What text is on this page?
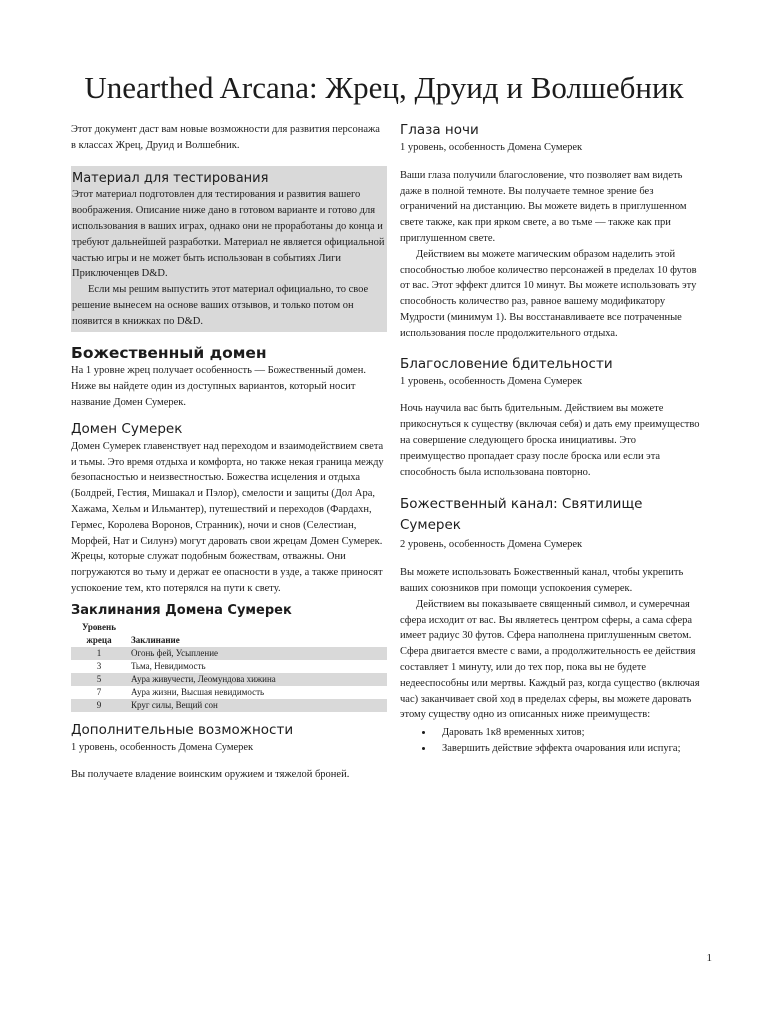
Unearthed Arcana: Жрец, Друид и Волшебник

Этот документ даст вам новые возможности для развития персонажа в классах Жрец, Друид и Волшебник.

Материал для тестирования

Этот материал подготовлен для тестирования и развития вашего воображения. Описание ниже дано в готовом варианте и готово для использования в ваших играх, однако они не проработаны до конца и требуют дальнейшей разработки. Материал не является официальной частью игры и не может быть использован в событиях Лиги Приключенцев D&D.

Если мы решим выпустить этот материал официально, то свое решение вынесем на основе ваших отзывов, и только потом он появится в книжках по D&D.

Божественный домен

На 1 уровне жрец получает особенность — Божественный домен. Ниже вы найдете один из доступных вариантов, который носит название Домен Сумерек.

Домен Сумерек

Домен Сумерек главенствует над переходом и взаимодействием света и тьмы. Это время отдыха и комфорта, но также некая граница между безопасностью и неизвестностью. Божества исцеления и отдыха (Болдрей, Гестия, Мишакал и Пэлор), смелости и защиты (Дол Ара, Хажама, Хельм и Ильмантер), путешествий и переходов (Фардахн, Гермес, Королева Воронов, Странник), ночи и снов (Селестиан, Морфей, Нат и Силунэ) могут даровать свои жрецам Домен Сумерек. Жрецы, которые служат подобным божествам, отважны. Они погружаются во тьму и держат ее опасности в узде, а также приносят успокоение тем, кто потерялся на пути к свету.

Заклинания Домена Сумерек
Уровень жреца	Заклинание
1	Огонь фей, Усыпление
3	Тьма, Невидимость
5	Аура живучести, Леомундова хижина
7	Аура жизни, Высшая невидимость
9	Круг силы, Вещий сон
Дополнительные возможности

1 уровень, особенность Домена Сумерек

Вы получаете владение воинским оружием и тяжелой броней.

Глаза ночи

1 уровень, особенность Домена Сумерек

Ваши глаза получили благословение, что позволяет вам видеть даже в полной темноте. Вы получаете темное зрение без ограничений на дистанцию. Вы можете видеть в приглушенном свете также, как при ярком свете, а во тьме — также как при приглушенном свете.

Действием вы можете магическим образом наделить этой способностью любое количество персонажей в пределах 10 футов от вас. Этот эффект длится 10 минут. Вы можете использовать эту способность количество раз, равное вашему модификатору Мудрости (минимум 1). Вы восстанавливаете все потраченные использования после продолжительного отдыха.

Благословение бдительности

1 уровень, особенность Домена Сумерек

Ночь научила вас быть бдительным. Действием вы можете прикоснуться к существу (включая себя) и дать ему преимущество на совершение следующего броска инициативы. Это преимущество пропадает сразу после броска или если эта способность была использована повторно.

Божественный канал: Святилище Сумерек

2 уровень, особенность Домена Сумерек

Вы можете использовать Божественный канал, чтобы укрепить ваших союзников при помощи успокоения сумерек.

Действием вы показываете священный символ, и сумеречная сфера исходит от вас. Вы являетесь центром сферы, а сама сфера имеет радиус 30 футов. Сфера наполнена приглушенным светом. Сфера двигается вместе с вами, а продолжительность ее действия составляет 1 минуту, или до тех пор, пока вы не будете недееспособны или мертвы. Каждый раз, когда существо (включая час) заканчивает свой ход в пределах сферы, вы можете даровать этому существу одно из описанных ниже преимуществ:

• Даровать 1к8 временных хитов;
• Завершить действие эффекта очарования или испуга;
1
